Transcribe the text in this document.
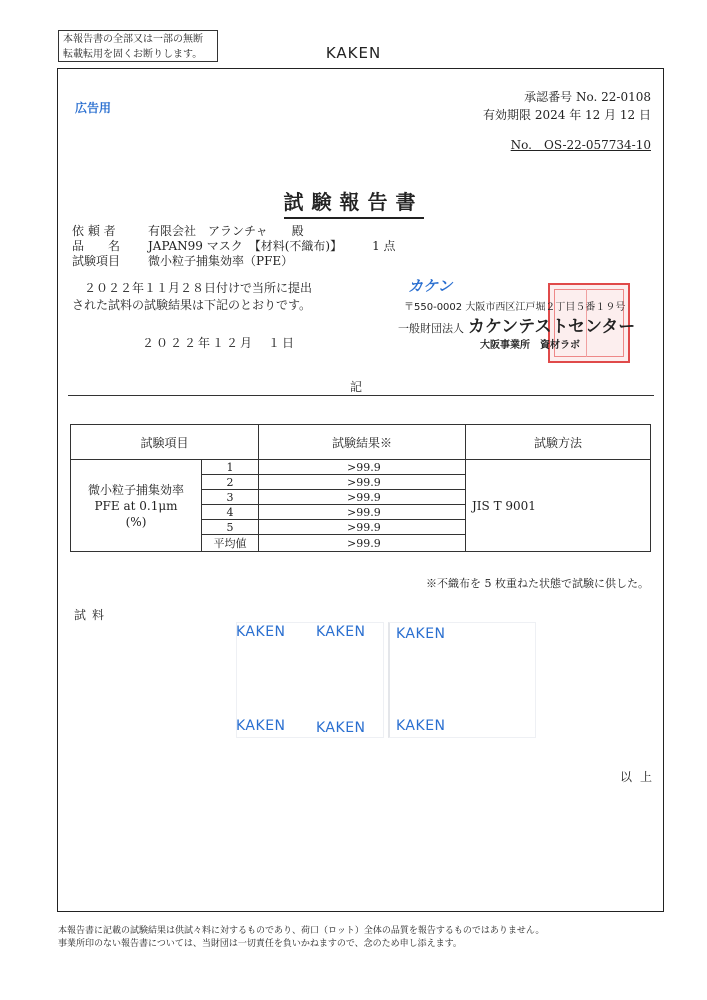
本報告書の全部又は一部の無断
転載転用を固くお断りします。	KAKEN
広告用
承認番号 No. 22-0108
有効期限 2024 年 12 月 12 日
No.　OS-22-057734-10
試験報告書
依 頼 者	有限会社　アランチャ　　殿
品　　名	JAPAN99 マスク　【材料(不織布)】	1 点
試験項目	微小粒子捕集効率（PFE）
　２０２２年１１月２８日付けで当所に提出
された試料の試験結果は下記のとおりです。
２０２２年１２月　１日
カケン
〒550-0002 大阪市西区江戸堀２丁目５番１９号
一般財団法人 カケンテストセンター
大阪事業所　資材ラボ
記
試験項目		試験結果※	試験方法

微小粒子捕集効率
PFE at 0.1μm
(%)	1	>99.9	JIS T 9001
	2	>99.9	
	3	>99.9	
	4	>99.9	
	5	>99.9	
	平均値	>99.9	
※不織布を 5 枚重ねた状態で試験に供した。
試料
KAKEN KAKEN KAKEN
KAKEN KAKEN KAKEN
以上
本報告書に記載の試験結果は供試々料に対するものであり、荷口（ロット）全体の品質を報告するものではありません。
事業所印のない報告書については、当財団は一切責任を負いかねますので、念のため申し添えます。
